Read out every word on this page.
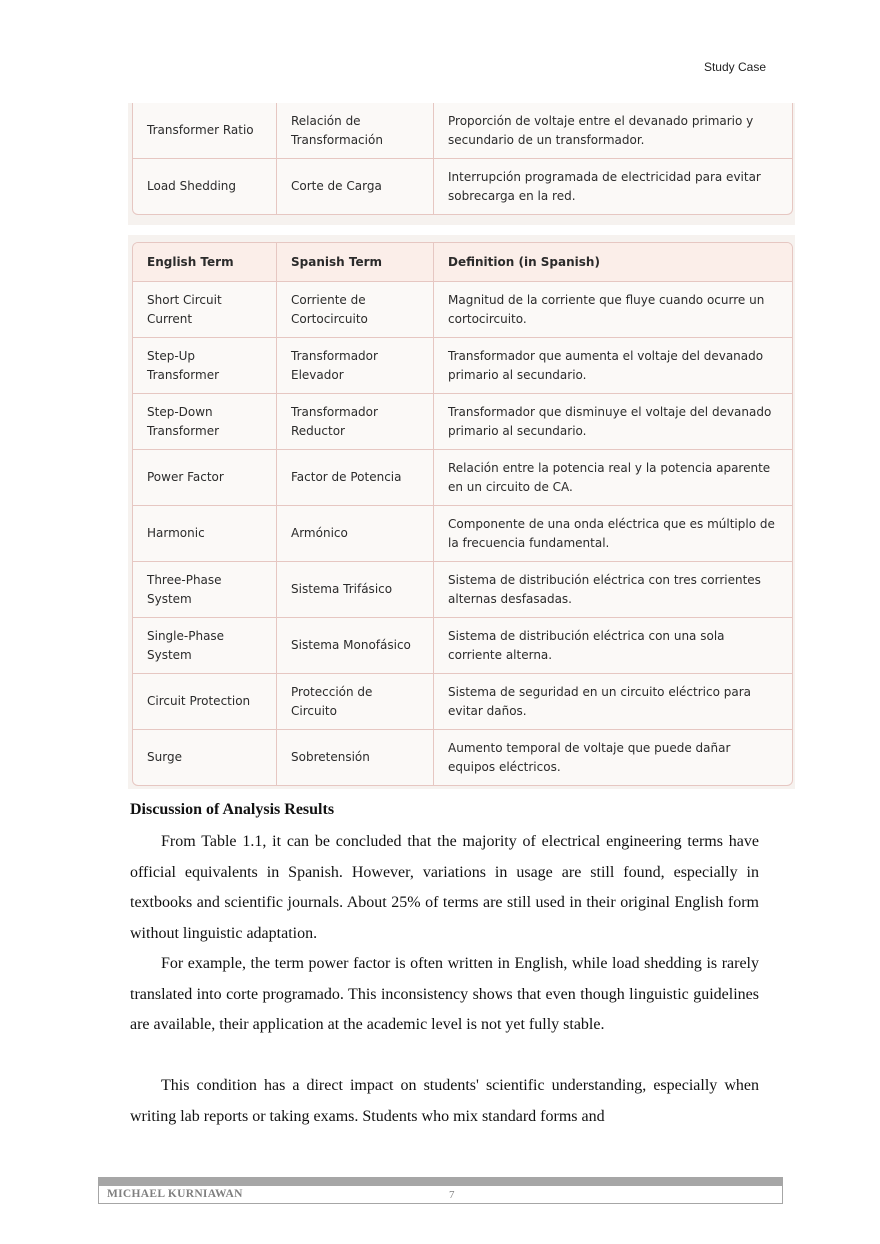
Study Case
Transformer Ratio	Relación de Transformación	Proporción de voltaje entre el devanado primario y secundario de un transformador.
Load Shedding	Corte de Carga	Interrupción programada de electricidad para evitar sobrecarga en la red.
English Term	Spanish Term	Definition (in Spanish)
Short Circuit Current	Corriente de Cortocircuito	Magnitud de la corriente que fluye cuando ocurre un cortocircuito.
Step-Up Transformer	Transformador Elevador	Transformador que aumenta el voltaje del devanado primario al secundario.
Step-Down Transformer	Transformador Reductor	Transformador que disminuye el voltaje del devanado primario al secundario.
Power Factor	Factor de Potencia	Relación entre la potencia real y la potencia aparente en un circuito de CA.
Harmonic	Armónico	Componente de una onda eléctrica que es múltiplo de la frecuencia fundamental.
Three-Phase System	Sistema Trifásico	Sistema de distribución eléctrica con tres corrientes alternas desfasadas.
Single-Phase System	Sistema Monofásico	Sistema de distribución eléctrica con una sola corriente alterna.
Circuit Protection	Protección de Circuito	Sistema de seguridad en un circuito eléctrico para evitar daños.
Surge	Sobretensión	Aumento temporal de voltaje que puede dañar equipos eléctricos.
Discussion of Analysis Results

From Table 1.1, it can be concluded that the majority of electrical engineering terms have official equivalents in Spanish. However, variations in usage are still found, especially in textbooks and scientific journals. About 25% of terms are still used in their original English form without linguistic adaptation.

For example, the term power factor is often written in English, while load shedding is rarely translated into corte programado. This inconsistency shows that even though linguistic guidelines are available, their application at the academic level is not yet fully stable.

This condition has a direct impact on students' scientific understanding, especially when writing lab reports or taking exams. Students who mix standard forms and

MICHAEL KURNIAWAN	7
